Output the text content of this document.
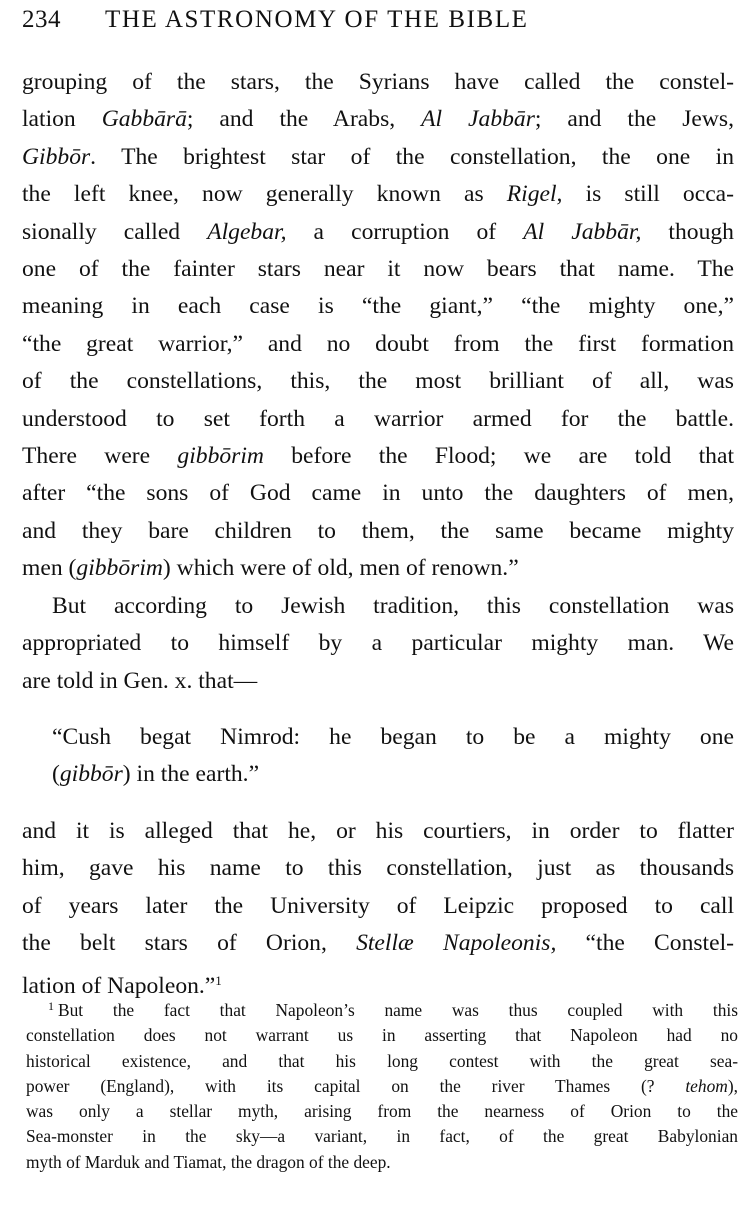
234 THE ASTRONOMY OF THE BIBLE

grouping of the stars, the Syrians have called the constel-

lation Gabbārā; and the Arabs, Al Jabbār; and the Jews,

Gibbōr. The brightest star of the constellation, the one in

the left knee, now generally known as Rigel, is still occa-

sionally called Algebar, a corruption of Al Jabbār, though

one of the fainter stars near it now bears that name. The

meaning in each case is “the giant,” “the mighty one,”

“the great warrior,” and no doubt from the first formation

of the constellations, this, the most brilliant of all, was

understood to set forth a warrior armed for the battle.

There were gibbōrim before the Flood; we are told that

after “the sons of God came in unto the daughters of men,

and they bare children to them, the same became mighty

men (gibbōrim) which were of old, men of renown.”

But according to Jewish tradition, this constellation was

appropriated to himself by a particular mighty man. We

are told in Gen. x. that—

“Cush begat Nimrod: he began to be a mighty one

(gibbōr) in the earth.”

and it is alleged that he, or his courtiers, in order to flatter

him, gave his name to this constellation, just as thousands

of years later the University of Leipzic proposed to call

the belt stars of Orion, Stellæ Napoleonis, “the Constel-

lation of Napoleon.”$^1$

$^1$ But the fact that Napoleon’s name was thus coupled with this

constellation does not warrant us in asserting that Napoleon had no

historical existence, and that his long contest with the great sea-

power (England), with its capital on the river Thames (? tehom),

was only a stellar myth, arising from the nearness of Orion to the

Sea-monster in the sky—a variant, in fact, of the great Babylonian

myth of Marduk and Tiamat, the dragon of the deep.
